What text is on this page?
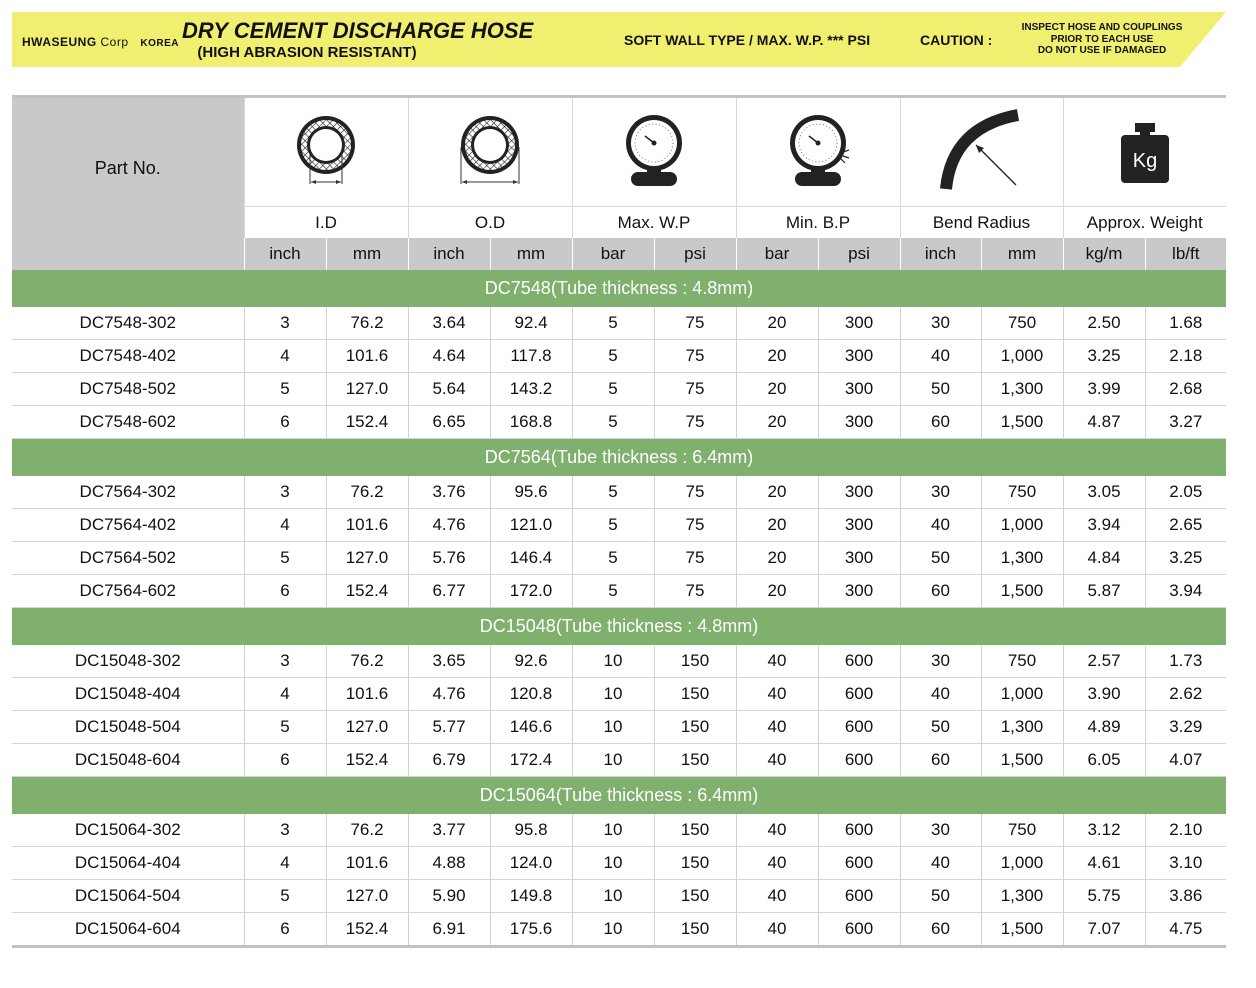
HWASEUNG Corp KOREA
DRY CEMENT DISCHARGE HOSE
(HIGH ABRASION RESISTANT)
SOFT WALL TYPE / MAX. W.P. *** PSI	CAUTION :
INSPECT HOSE AND COUPLINGS
PRIOR TO EACH USE
DO NOT USE IF DAMAGED
Part No.											Kg	

	I.D		O.D		Max. W.P		Min. B.P		Bend Radius		Approx. Weight	
	inch	mm	inch	mm	bar	psi	bar	psi	inch	mm	kg/m	lb/ft
DC7548(Tube thickness : 4.8mm)												
DC7548-302	3	76.2	3.64	92.4	5	75	20	300	30	750	2.50	1.68
DC7548-402	4	101.6	4.64	117.8	5	75	20	300	40	1,000	3.25	2.18
DC7548-502	5	127.0	5.64	143.2	5	75	20	300	50	1,300	3.99	2.68
DC7548-602	6	152.4	6.65	168.8	5	75	20	300	60	1,500	4.87	3.27
DC7564(Tube thickness : 6.4mm)												
DC7564-302	3	76.2	3.76	95.6	5	75	20	300	30	750	3.05	2.05
DC7564-402	4	101.6	4.76	121.0	5	75	20	300	40	1,000	3.94	2.65
DC7564-502	5	127.0	5.76	146.4	5	75	20	300	50	1,300	4.84	3.25
DC7564-602	6	152.4	6.77	172.0	5	75	20	300	60	1,500	5.87	3.94
DC15048(Tube thickness : 4.8mm)												
DC15048-302	3	76.2	3.65	92.6	10	150	40	600	30	750	2.57	1.73
DC15048-404	4	101.6	4.76	120.8	10	150	40	600	40	1,000	3.90	2.62
DC15048-504	5	127.0	5.77	146.6	10	150	40	600	50	1,300	4.89	3.29
DC15048-604	6	152.4	6.79	172.4	10	150	40	600	60	1,500	6.05	4.07
DC15064(Tube thickness : 6.4mm)												
DC15064-302	3	76.2	3.77	95.8	10	150	40	600	30	750	3.12	2.10
DC15064-404	4	101.6	4.88	124.0	10	150	40	600	40	1,000	4.61	3.10
DC15064-504	5	127.0	5.90	149.8	10	150	40	600	50	1,300	5.75	3.86
DC15064-604	6	152.4	6.91	175.6	10	150	40	600	60	1,500	7.07	4.75
